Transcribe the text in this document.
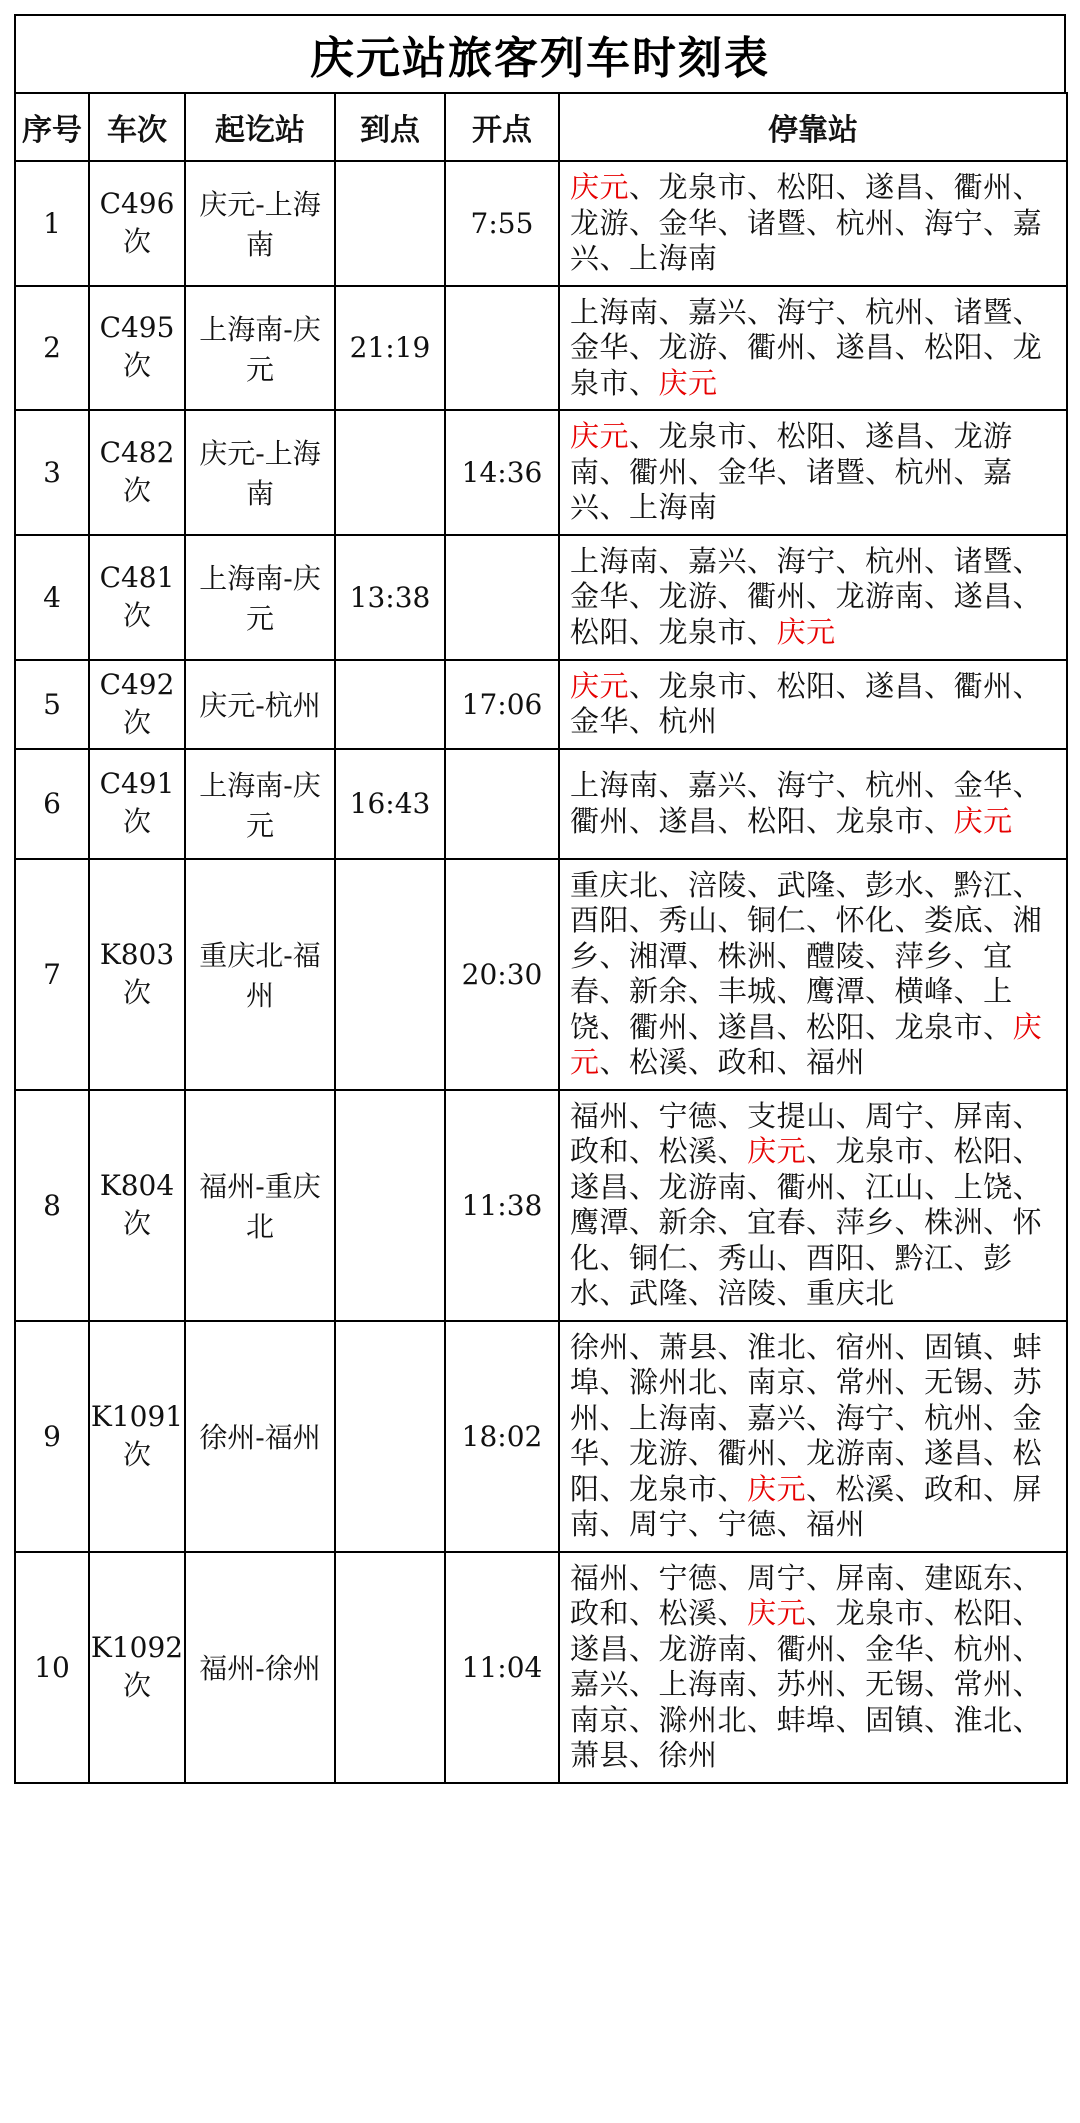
庆元站旅客列车时刻表
序号	车次	起讫站	到点	开点	停靠站
1	C496次	庆元-上海南		7:55	庆元、龙泉市、松阳、遂昌、衢州、龙游、金华、诸暨、杭州、海宁、嘉兴、上海南
2	C495次	上海南-庆元	21:19		上海南、嘉兴、海宁、杭州、诸暨、金华、龙游、衢州、遂昌、松阳、龙泉市、庆元
3	C482次	庆元-上海南		14:36	庆元、龙泉市、松阳、遂昌、龙游南、衢州、金华、诸暨、杭州、嘉兴、上海南
4	C481次	上海南-庆元	13:38		上海南、嘉兴、海宁、杭州、诸暨、金华、龙游、衢州、龙游南、遂昌、松阳、龙泉市、庆元
5	C492次	庆元-杭州		17:06	庆元、龙泉市、松阳、遂昌、衢州、金华、杭州
6	C491次	上海南-庆元	16:43		上海南、嘉兴、海宁、杭州、金华、衢州、遂昌、松阳、龙泉市、庆元
7	K803次	重庆北-福州		20:30	重庆北、涪陵、武隆、彭水、黔江、酉阳、秀山、铜仁、怀化、娄底、湘乡、湘潭、株洲、醴陵、萍乡、宜春、新余、丰城、鹰潭、横峰、上饶、衢州、遂昌、松阳、龙泉市、庆元、松溪、政和、福州
8	K804次	福州-重庆北		11:38	福州、宁德、支提山、周宁、屏南、政和、松溪、庆元、龙泉市、松阳、遂昌、龙游南、衢州、江山、上饶、鹰潭、新余、宜春、萍乡、株洲、怀化、铜仁、秀山、酉阳、黔江、彭水、武隆、涪陵、重庆北
9	K1091次	徐州-福州		18:02	徐州、萧县、淮北、宿州、固镇、蚌埠、滁州北、南京、常州、无锡、苏州、上海南、嘉兴、海宁、杭州、金华、龙游、衢州、龙游南、遂昌、松阳、龙泉市、庆元、松溪、政和、屏南、周宁、宁德、福州
10	K1092次	福州-徐州		11:04	福州、宁德、周宁、屏南、建瓯东、政和、松溪、庆元、龙泉市、松阳、遂昌、龙游南、衢州、金华、杭州、嘉兴、上海南、苏州、无锡、常州、南京、滁州北、蚌埠、固镇、淮北、萧县、徐州
